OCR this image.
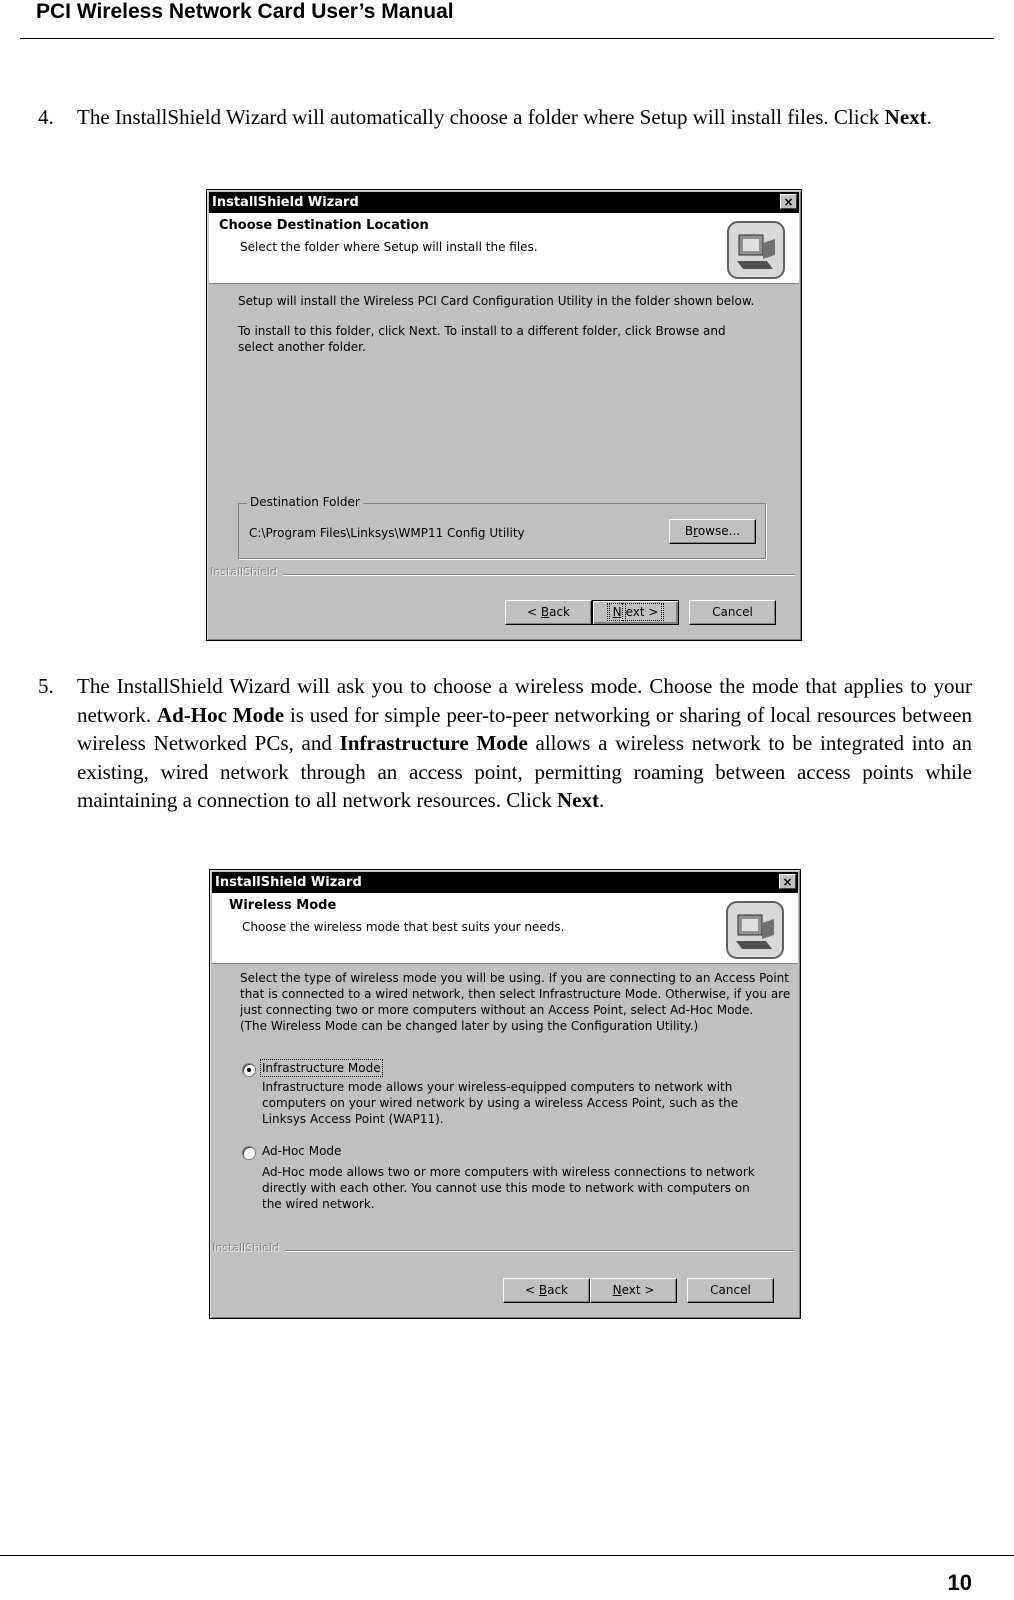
PCI Wireless Network Card User’s Manual
4. The InstallShield Wizard will automatically choose a folder where Setup will install files. Click Next.
InstallShield Wizard	×
Choose Destination Location
Select the folder where Setup will install the files.
Setup will install the Wireless PCI Card Configuration Utility in the folder shown below.
To install to this folder, click Next. To install to a different folder, click Browse and select another folder.
Destination Folder
C:\Program Files\Linksys\WMP11 Config Utility	Browse...
InstallShield
< Back	N ext >	Cancel
5. The InstallShield Wizard will ask you to choose a wireless mode. Choose the mode that applies to your network. Ad-Hoc Mode is used for simple peer-to-peer networking or sharing of local resources between wireless Networked PCs, and Infrastructure Mode allows a wireless network to be integrated into an existing, wired network through an access point, permitting roaming between access points while maintaining a connection to all network resources. Click Next.
InstallShield Wizard	×
Wireless Mode
Choose the wireless mode that best suits your needs.
Select the type of wireless mode you will be using. If you are connecting to an Access Point
that is connected to a wired network, then select Infrastructure Mode. Otherwise, if you are
just connecting two or more computers without an Access Point, select Ad-Hoc Mode.
(The Wireless Mode can be changed later by using the Configuration Utility.)
Infrastructure Mode
Infrastructure mode allows your wireless-equipped computers to network with
computers on your wired network by using a wireless Access Point, such as the
Linksys Access Point (WAP11).
Ad-Hoc Mode
Ad-Hoc mode allows two or more computers with wireless connections to network
directly with each other. You cannot use this mode to network with computers on
the wired network.
InstallShield
< Back	Next >	Cancel
10
